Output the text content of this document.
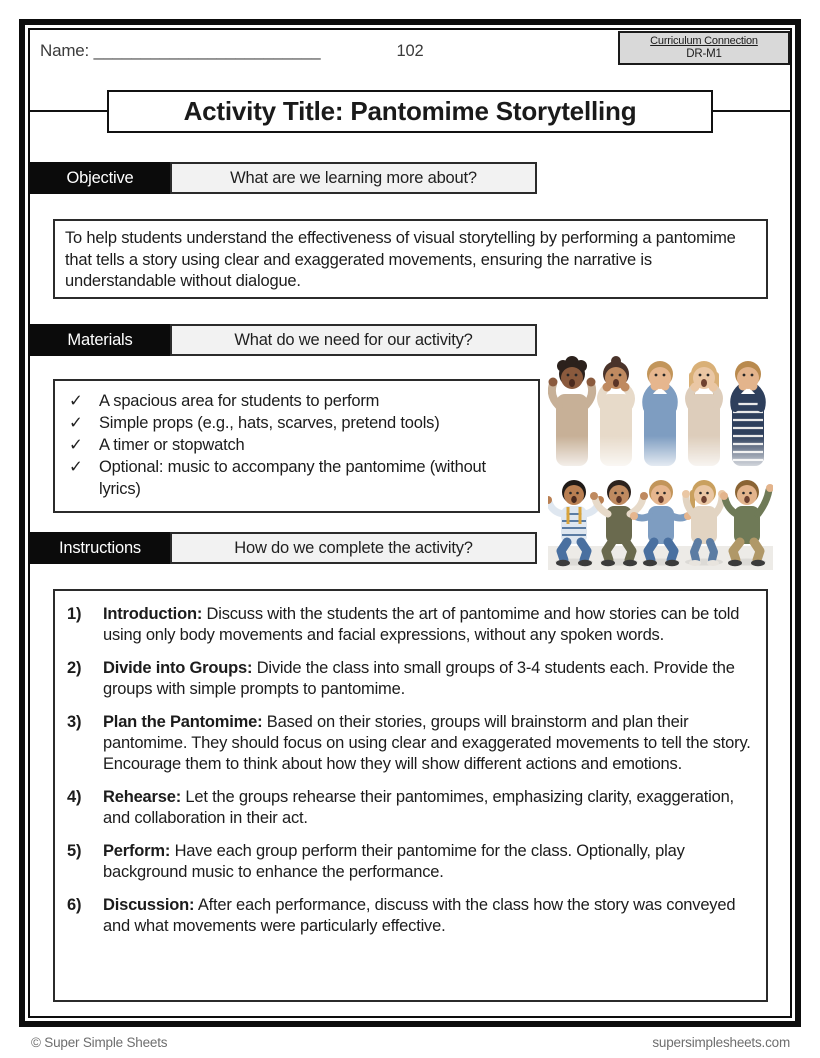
Name: ________________________	102
Curriculum Connection
DR-M1
Activity Title: Pantomime Storytelling
Objective	What are we learning more about?
To help students understand the effectiveness of visual storytelling by performing a pantomime that tells a story using clear and exaggerated movements, ensuring the narrative is understandable without dialogue.
Materials	What do we need for our activity?
✓ A spacious area for students to perform
✓ Simple props (e.g., hats, scarves, pretend tools)
✓ A timer or stopwatch
✓ Optional: music to accompany the pantomime (without lyrics)
Instructions	How do we complete the activity?
1)	Introduction: Discuss with the students the art of pantomime and how stories can be told using only body movements and facial expressions, without any spoken words.
2)	Divide into Groups: Divide the class into small groups of 3-4 students each. Provide the groups with simple prompts to pantomime.
3)	Plan the Pantomime: Based on their stories, groups will brainstorm and plan their pantomime. They should focus on using clear and exaggerated movements to tell the story. Encourage them to think about how they will show different actions and emotions.
4)	Rehearse: Let the groups rehearse their pantomimes, emphasizing clarity, exaggeration, and collaboration in their act.
5)	Perform: Have each group perform their pantomime for the class. Optionally, play background music to enhance the performance.
6)	Discussion: After each performance, discuss with the class how the story was conveyed and what movements were particularly effective.
© Super Simple Sheets	supersimplesheets.com
